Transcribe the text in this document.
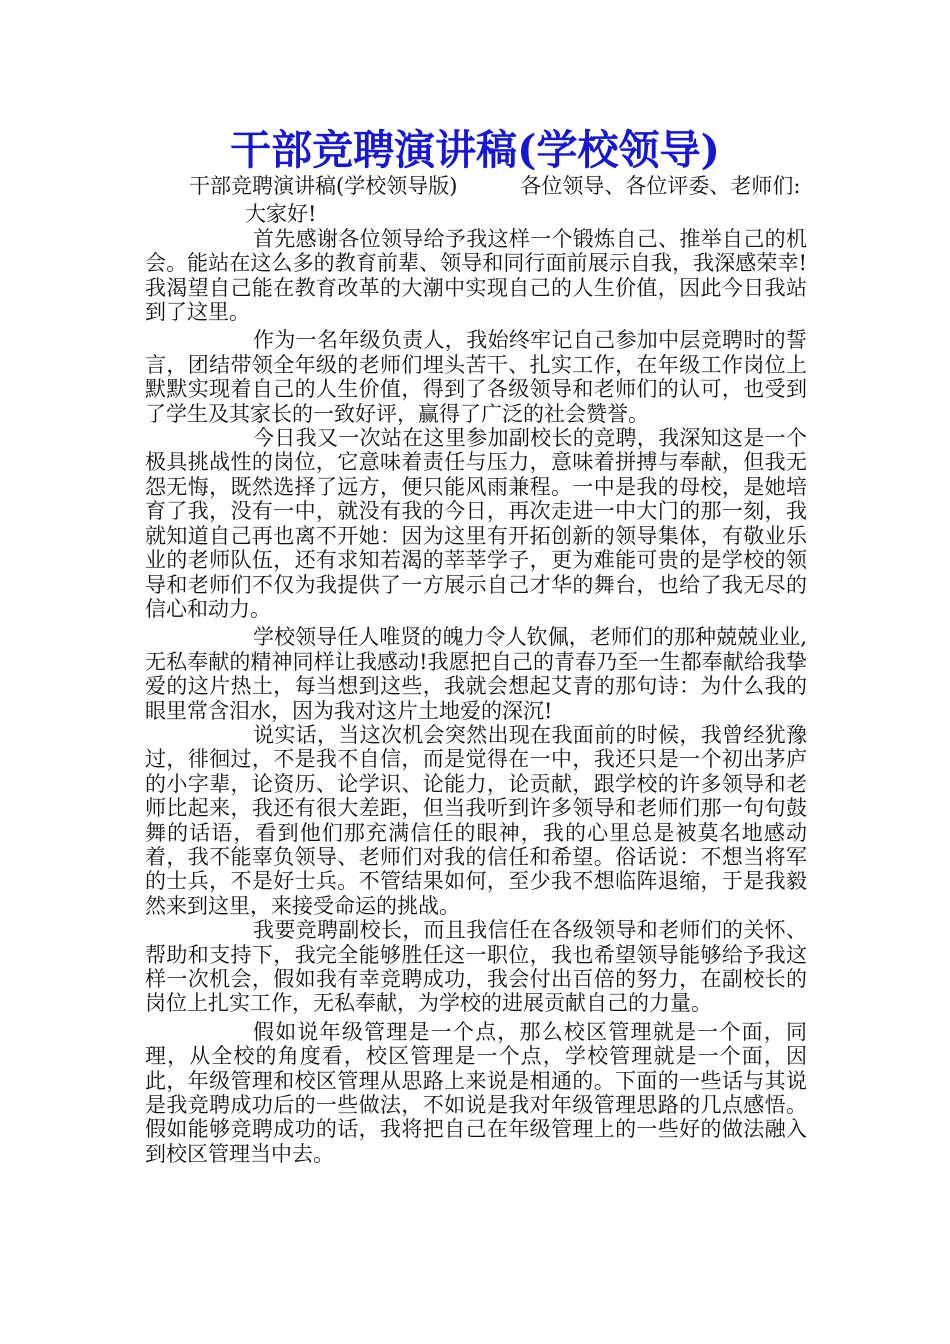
干部竞聘演讲稿(学校领导)

干部竞聘演讲稿(学校领导版)　　　各位领导、各位评委、老师们:

大家好!

首先感谢各位领导给予我这样一个锻炼自己、推举自己的机会。能站在这么多的教育前辈、领导和同行面前展示自我，我深感荣幸!我渴望自己能在教育改革的大潮中实现自己的人生价值，因此今日我站到了这里。

作为一名年级负责人，我始终牢记自己参加中层竞聘时的誓言，团结带领全年级的老师们埋头苦干、扎实工作，在年级工作岗位上默默实现着自己的人生价值，得到了各级领导和老师们的认可，也受到了学生及其家长的一致好评，赢得了广泛的社会赞誉。

今日我又一次站在这里参加副校长的竞聘，我深知这是一个极具挑战性的岗位，它意味着责任与压力，意味着拼搏与奉献，但我无怨无悔，既然选择了远方，便只能风雨兼程。一中是我的母校，是她培育了我，没有一中，就没有我的今日，再次走进一中大门的那一刻，我就知道自己再也离不开她：因为这里有开拓创新的领导集体，有敬业乐业的老师队伍，还有求知若渴的莘莘学子，更为难能可贵的是学校的领导和老师们不仅为我提供了一方展示自己才华的舞台，也给了我无尽的信心和动力。

学校领导任人唯贤的魄力令人钦佩，老师们的那种兢兢业业,无私奉献的精神同样让我感动!我愿把自己的青春乃至一生都奉献给我挚爱的这片热土，每当想到这些，我就会想起艾青的那句诗：为什么我的眼里常含泪水，因为我对这片土地爱的深沉!

说实话，当这次机会突然出现在我面前的时候，我曾经犹豫过，徘徊过，不是我不自信，而是觉得在一中，我还只是一个初出茅庐的小字辈，论资历、论学识、论能力，论贡献，跟学校的许多领导和老师比起来，我还有很大差距，但当我听到许多领导和老师们那一句句鼓舞的话语，看到他们那充满信任的眼神，我的心里总是被莫名地感动着，我不能辜负领导、老师们对我的信任和希望。俗话说：不想当将军的士兵，不是好士兵。不管结果如何，至少我不想临阵退缩，于是我毅然来到这里，来接受命运的挑战。

我要竞聘副校长，而且我信任在各级领导和老师们的关怀、帮助和支持下，我完全能够胜任这一职位，我也希望领导能够给予我这样一次机会，假如我有幸竞聘成功，我会付出百倍的努力，在副校长的岗位上扎实工作，无私奉献，为学校的进展贡献自己的力量。

假如说年级管理是一个点，那么校区管理就是一个面，同理，从全校的角度看，校区管理是一个点，学校管理就是一个面，因此，年级管理和校区管理从思路上来说是相通的。下面的一些话与其说是我竞聘成功后的一些做法，不如说是我对年级管理思路的几点感悟。假如能够竞聘成功的话，我将把自己在年级管理上的一些好的做法融入到校区管理当中去。
